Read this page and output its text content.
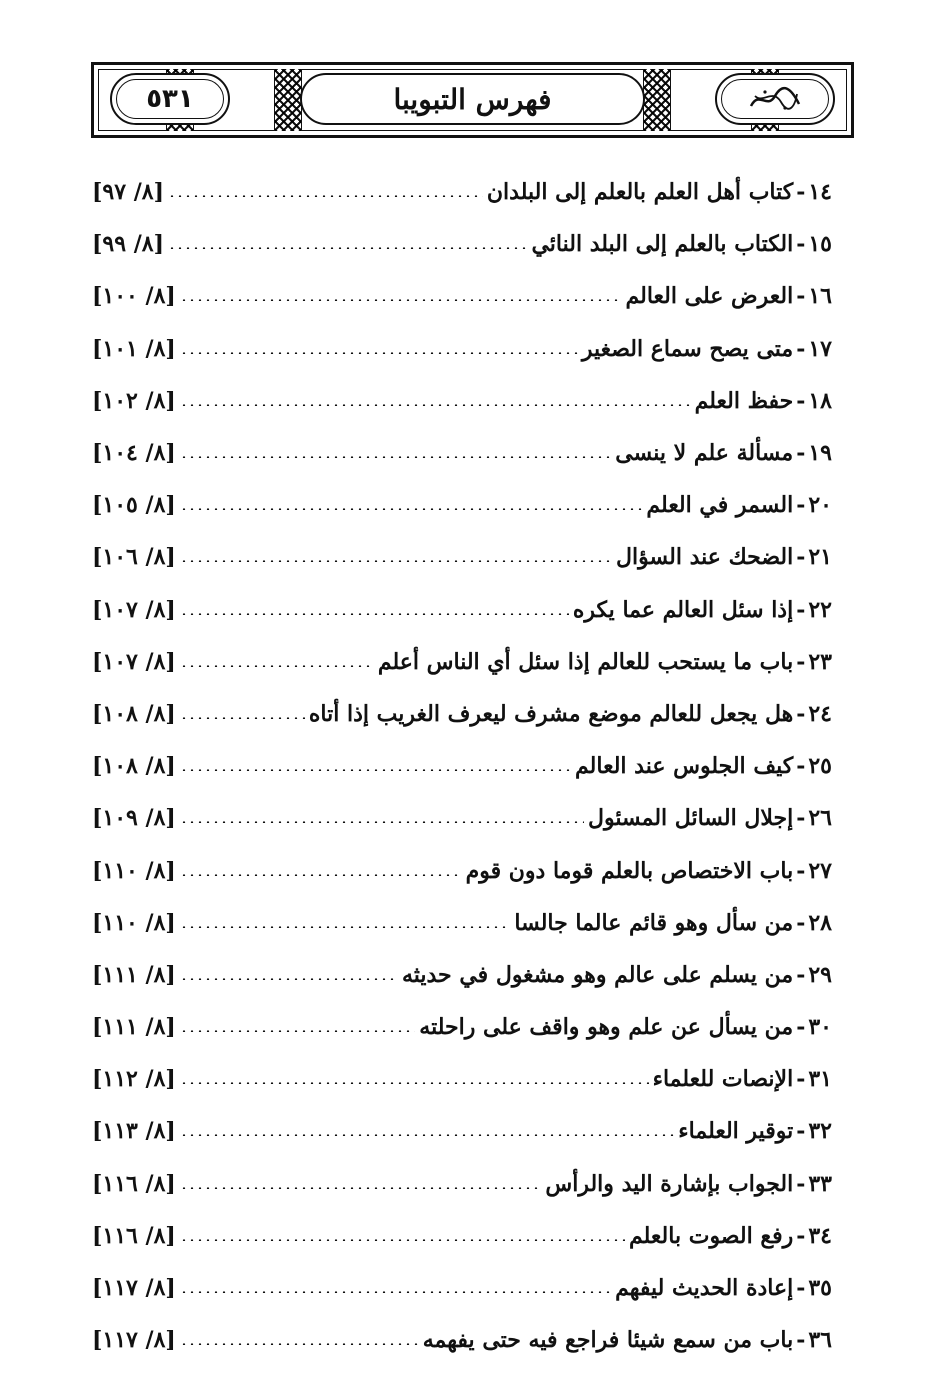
٥٣١	فهرس التبويبا
١٤
-
كتاب أهل العلم بالعلم إلى البلدان
[٨/ ٩٧]
١٥
-
الكتاب بالعلم إلى البلد النائي
[٨/ ٩٩]
١٦
-
العرض على العالم
[٨/ ١٠٠]
١٧
-
متى يصح سماع الصغير
[٨/ ١٠١]
١٨
-
حفظ العلم
[٨/ ١٠٢]
١٩
-
مسألة علم لا ينسى
[٨/ ١٠٤]
٢٠
-
السمر في العلم
[٨/ ١٠٥]
٢١
-
الضحك عند السؤال
[٨/ ١٠٦]
٢٢
-
إذا سئل العالم عما يكره
[٨/ ١٠٧]
٢٣
-
باب ما يستحب للعالم إذا سئل أي الناس أعلم
[٨/ ١٠٧]
٢٤
-
هل يجعل للعالم موضع مشرف ليعرف الغريب إذا أتاه
[٨/ ١٠٨]
٢٥
-
كيف الجلوس عند العالم
[٨/ ١٠٨]
٢٦
-
إجلال السائل المسئول
[٨/ ١٠٩]
٢٧
-
باب الاختصاص بالعلم قوما دون قوم
[٨/ ١١٠]
٢٨
-
من سأل وهو قائم عالما جالسا
[٨/ ١١٠]
٢٩
-
من يسلم على عالم وهو مشغول في حديثه
[٨/ ١١١]
٣٠
-
من يسأل عن علم وهو واقف على راحلته
[٨/ ١١١]
٣١
-
الإنصات للعلماء
[٨/ ١١٢]
٣٢
-
توقير العلماء
[٨/ ١١٣]
٣٣
-
الجواب بإشارة اليد والرأس
[٨/ ١١٦]
٣٤
-
رفع الصوت بالعلم
[٨/ ١١٦]
٣٥
-
إعادة الحديث ليفهم
[٨/ ١١٧]
٣٦
-
باب من سمع شيئا فراجع فيه حتى يفهمه
[٨/ ١١٧]
